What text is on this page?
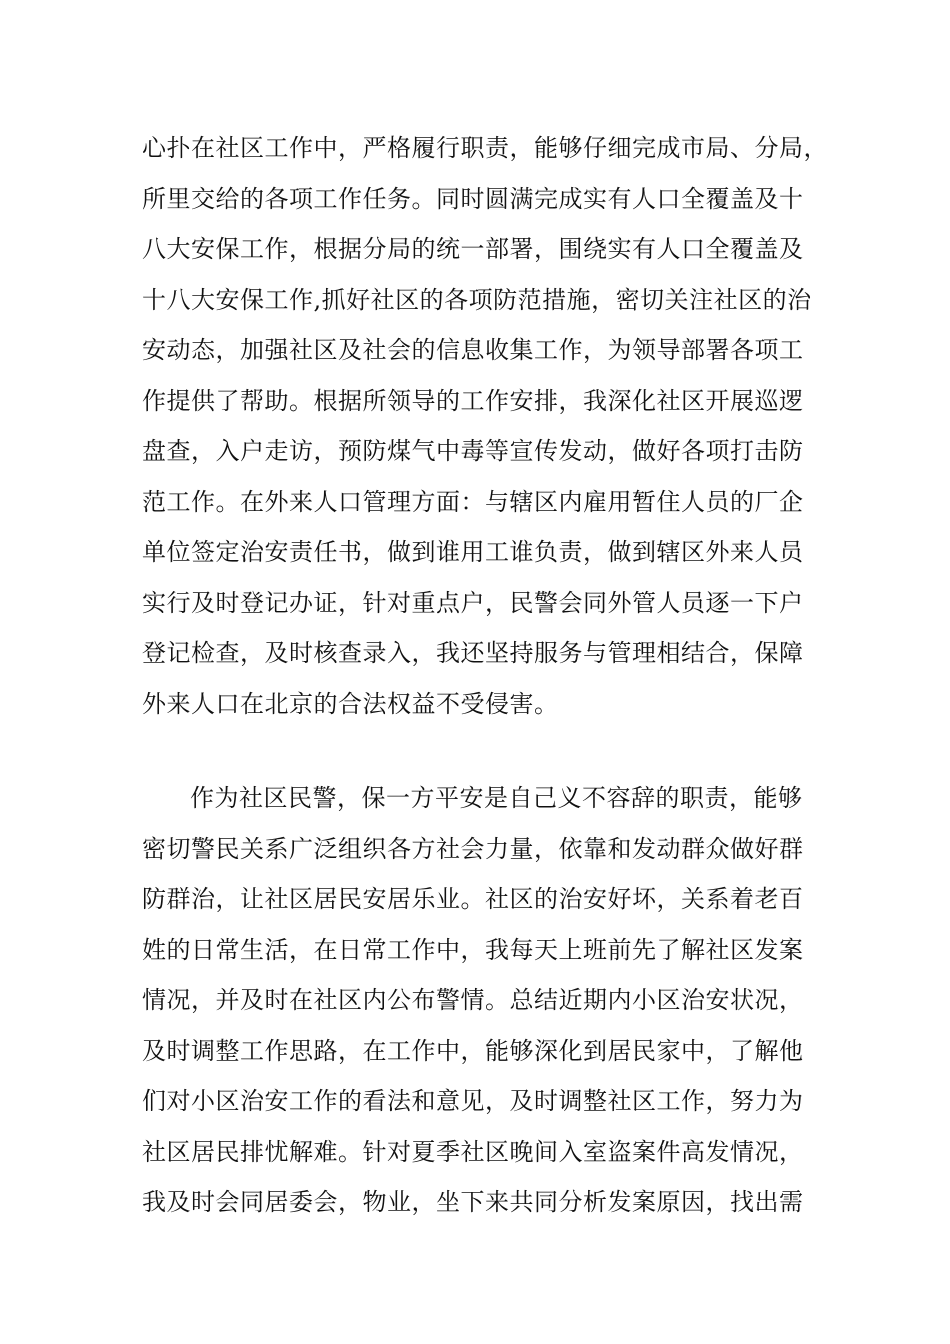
心扑在社区工作中，严格履行职责，能够仔细完成市局、分局，
所里交给的各项工作任务。同时圆满完成实有人口全覆盖及十
八大安保工作，根据分局的统一部署，围绕实有人口全覆盖及
十八大安保工作,抓好社区的各项防范措施，密切关注社区的治
安动态，加强社区及社会的信息收集工作，为领导部署各项工
作提供了帮助。根据所领导的工作安排，我深化社区开展巡逻
盘查，入户走访，预防煤气中毒等宣传发动，做好各项打击防
范工作。在外来人口管理方面：与辖区内雇用暂住人员的厂企
单位签定治安责任书，做到谁用工谁负责，做到辖区外来人员
实行及时登记办证，针对重点户，民警会同外管人员逐一下户
登记检查，及时核查录入，我还坚持服务与管理相结合，保障
外来人口在北京的合法权益不受侵害。
作为社区民警，保一方平安是自己义不容辞的职责，能够
密切警民关系广泛组织各方社会力量，依靠和发动群众做好群
防群治，让社区居民安居乐业。社区的治安好坏，关系着老百
姓的日常生活，在日常工作中，我每天上班前先了解社区发案
情况，并及时在社区内公布警情。总结近期内小区治安状况，
及时调整工作思路，在工作中，能够深化到居民家中，了解他
们对小区治安工作的看法和意见，及时调整社区工作，努力为
社区居民排忧解难。针对夏季社区晚间入室盗案件高发情况，
我及时会同居委会，物业，坐下来共同分析发案原因，找出需
